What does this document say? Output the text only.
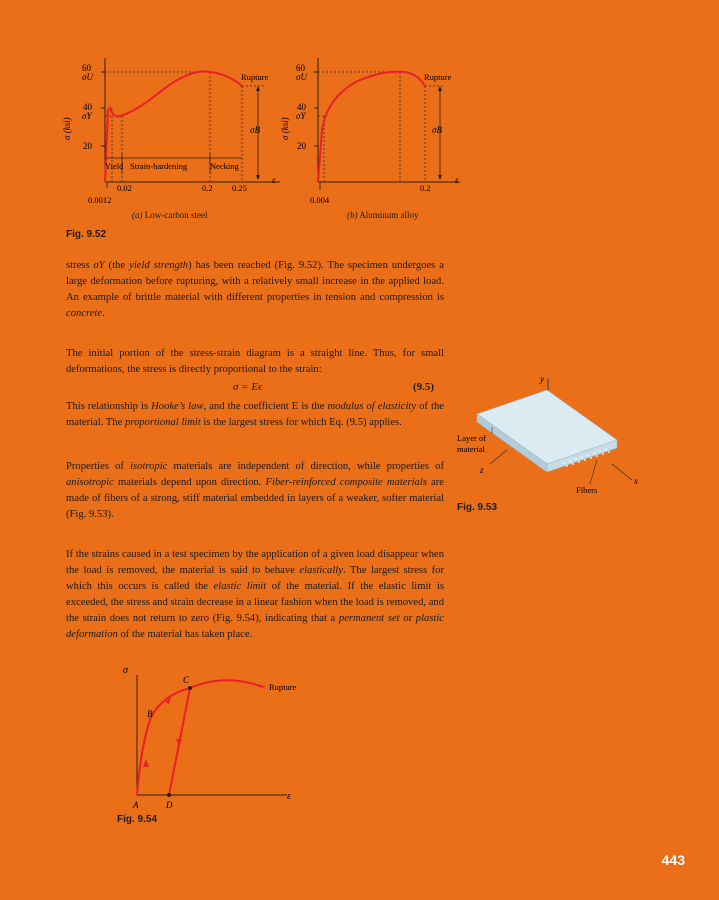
60
σU
40
σY
20
σ (ksi)	σB
Rupture
ε
Yield Strain-hardening	Necking
0.02	0.2 0.25
0.0012
60
σU
40
σY
20
σ (ksi)	σB
Rupture
ε
0.2
0.004
(a) Low-carbon steel	(b) Aluminum alloy
Fig. 9.52
stress σY (the yield strength) has been reached (Fig. 9.52). The specimen undergoes a large deformation before rupturing, with a relatively small increase in the applied load. An example of brittle material with different properties in tension and compression is concrete.
The initial portion of the stress-strain diagram is a straight line. Thus, for small deformations, the stress is directly proportional to the strain:
σ = Eϵ	(9.5)
This relationship is Hooke’s law, and the coefficient E is the modulus of elasticity of the material. The proportional limit is the largest stress for which Eq. (9.5) applies.
Properties of isotropic materials are independent of direction, while properties of anisotropic materials depend upon direction. Fiber-reinforced composite materials are made of fibers of a strong, stiff material embedded in layers of a weaker, softer material (Fig. 9.53).
y
x
z
Layer of
material
Fibers
Fig. 9.53
If the strains caused in a test specimen by the application of a given load disappear when the load is removed, the material is said to behave elastically. The largest stress for which this occurs is called the elastic limit of the material. If the elastic limit is exceeded, the stress and strain decrease in a linear fashion when the load is removed, and the strain does not return to zero (Fig. 9.54), indicating that a permanent set or plastic deformation of the material has taken place.
σ
ε
A
B
C
D
× Rupture
Fig. 9.54
443
